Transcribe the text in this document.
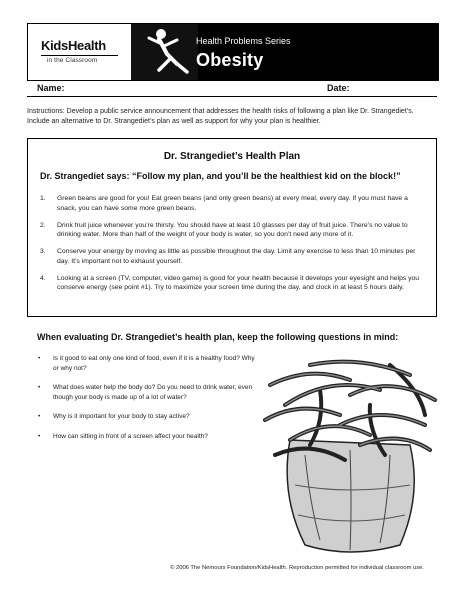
KidsHealth
in the Classroom
Health Problems Series
Obesity
Name:	Date:
Instructions: Develop a public service announcement that addresses the health risks of following a plan like Dr. Strangediet’s. Include an alternative to Dr. Strangediet’s plan as well as support for why your plan is healthier.
Dr. Strangediet’s Health Plan
Dr. Strangediet says: “Follow my plan, and you’ll be the healthiest kid on the block!”
1. Green beans are good for you! Eat green beans (and only green beans) at every meal, every day. If you must have a snack, you can have some more green beans.
2. Drink fruit juice whenever you’re thirsty. You should have at least 10 glasses per day of fruit juice. There’s no value to drinking water. More than half of the weight of your body is water, so you don’t need any more of it.
3. Conserve your energy by moving as little as possible throughout the day. Limit any exercise to less than 10 minutes per day. It’s important not to exhaust yourself.
4. Looking at a screen (TV, computer, video game) is good for your health because it develops your eyesight and helps you conserve energy (see point #1). Try to maximize your screen time during the day, and clock in at least 5 hours daily.
When evaluating Dr. Strangediet’s health plan, keep the following questions in mind:
• Is it good to eat only one kind of food, even if it is a healthy food? Why or why not?
• What does water help the body do? Do you need to drink water, even though your body is made up of a lot of water?
• Why is it important for your body to stay active?
• How can sitting in front of a screen affect your health?
© 2006 The Nemours Foundation/KidsHealth. Reproduction permitted for individual classroom use.
